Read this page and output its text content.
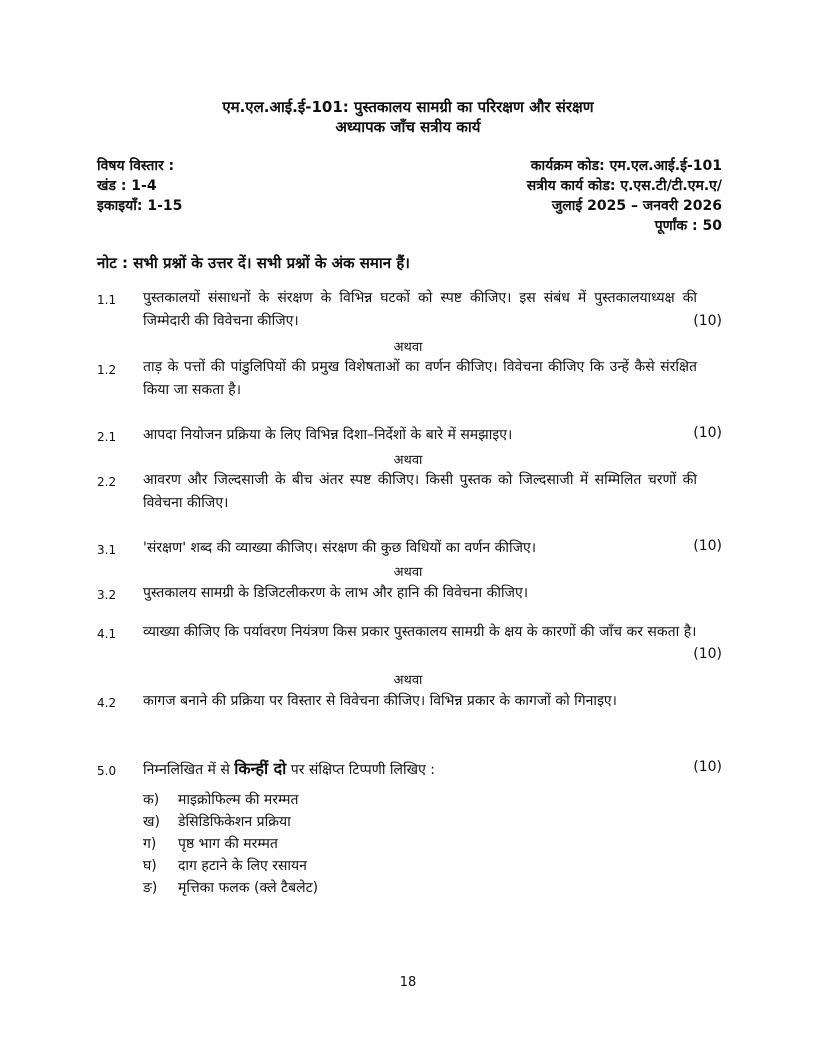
एम.एल.आई.ई-101: पुस्तकालय सामग्री का परिरक्षण और संरक्षण
अध्यापक जाँच सत्रीय कार्य
विषय विस्तार :
खंड : 1-4
इकाइयाँ: 1-15
कार्यक्रम कोड: एम.एल.आई.ई-101
सत्रीय कार्य कोड: ए.एस.टी/टी.एम.ए/
जुलाई 2025 – जनवरी 2026
पूर्णांक : 50
नोट : सभी प्रश्नों के उत्तर दें। सभी प्रश्नों के अंक समान हैं।
1.1 पुस्तकालयों संसाधनों के संरक्षण के विभिन्न घटकों को स्पष्ट कीजिए। इस संबंध में पुस्तकालयाध्यक्ष की जिम्मेदारी की विवेचना कीजिए।	(10)
अथवा
1.2 ताड़ के पत्तों की पांडुलिपियों की प्रमुख विशेषताओं का वर्णन कीजिए। विवेचना कीजिए कि उन्हें कैसे संरक्षित किया जा सकता है।
2.1 आपदा नियोजन प्रक्रिया के लिए विभिन्न दिशा–निर्देशों के बारे में समझाइए।	(10)
अथवा
2.2 आवरण और जिल्दसाजी के बीच अंतर स्पष्ट कीजिए। किसी पुस्तक को जिल्दसाजी में सम्मिलित चरणों की विवेचना कीजिए।
3.1 'संरक्षण' शब्द की व्याख्या कीजिए। संरक्षण की कुछ विधियों का वर्णन कीजिए।	(10)
अथवा
3.2 पुस्तकालय सामग्री के डिजिटलीकरण के लाभ और हानि की विवेचना कीजिए।
4.1 व्याख्या कीजिए कि पर्यावरण नियंत्रण किस प्रकार पुस्तकालय सामग्री के क्षय के कारणों की जाँच कर सकता है।
(10)
अथवा
4.2 कागज बनाने की प्रक्रिया पर विस्तार से विवेचना कीजिए। विभिन्न प्रकार के कागजों को गिनाइए।
5.0 निम्नलिखित में से किन्हीं दो पर संक्षिप्त टिप्पणी लिखिए :	(10)
क) माइक्रोफिल्म की मरम्मत
ख) डेसिडिफिकेशन प्रक्रिया
ग) पृष्ठ भाग की मरम्मत
घ) दाग हटाने के लिए रसायन
ङ) मृत्तिका फलक (क्ले टैबलेट)
18
